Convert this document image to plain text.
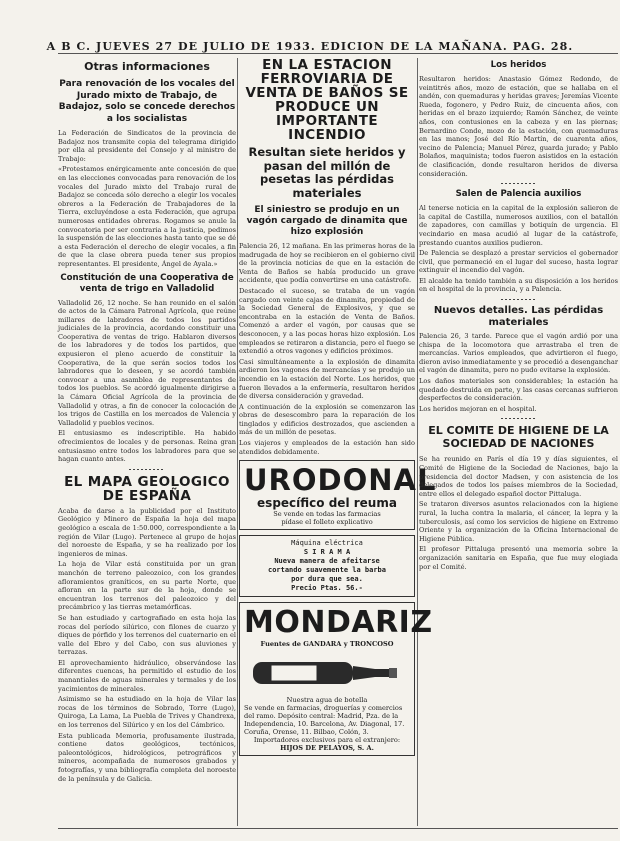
A B C. JUEVES 27 DE JULIO DE 1933. EDICION DE LA MAÑANA. PAG. 28.
Otras informaciones
Para renovación de los vocales del Jurado mixto de Trabajo, de Badajoz, solo se concede derechos a los socialistas

La Federación de Sindicatos de la provincia de Badajoz nos transmite copia del telegrama dirigido por ella al presidente del Consejo y al ministro de Trabajo:

«Protestamos enérgicamente ante concesión de que en las elecciones convocadas para renovación de los vocales del Jurado mixto del Trabajo rural de Badajoz se conceda sólo derecho a elegir los vocales obreros a la Federación de Trabajadores de la Tierra, excluyéndose a esta Federación, que agrupa numerosas entidades obreras. Rogamos se anule la convocatoria por ser contraria a la justicia, pedimos la suspensión de las elecciones hasta tanto que se dé a esta Federación el derecho de elegir vocales, a fin de que la clase obrera pueda tener sus propios representantes. El presidente, Ángel de Ayala.»

Constitución de una Cooperativa de venta de trigo en Valladolid

Valladolid 26, 12 noche. Se han reunido en el salón de actos de la Cámara Patronal Agrícola, que reúne millares de labradores de todos los partidos judiciales de la provincia, acordando constituir una Cooperativa de ventas de trigo. Hablaron diversos de los labradores y de todos los partidos, que expusieron el pleno acuerdo de constituir la Cooperativa, de la que serán socios todos los labradores que lo deseen, y se acordó también convocar a una asamblea de representantes de todos los pueblos. Se acordó igualmente dirigirse a la Cámara Oficial Agrícola de la provincia de Valladolid y otras, a fin de conocer la colocación de los trigos de Castilla en los mercados de Valencia y Valladolid y pueblos vecinos.

El entusiasmo es indescriptible. Ha habido ofrecimientos de locales y de personas. Reina gran entusiasmo entre todos los labradores para que se hagan cuanto antes.

EL MAPA GEOLOGICO DE ESPAÑA

Acaba de darse a la publicidad por el Instituto Geológico y Minero de España la hoja del mapa geológico a escala de 1:50.000, correspondiente a la región de Vilar (Lugo). Pertenece al grupo de hojas del noroeste de España, y se ha realizado por los ingenieros de minas.

La hoja de Vilar está constituida por un gran manchón de terreno paleozoico, con los grandes afloramientos graníticos, en su parte Norte, que afloran en la parte sur de la hoja, donde se encuentran los terrenos del paleozoico y del precámbrico y las tierras metamórficas.

Se han estudiado y cartografiado en esta hoja las rocas del período silúrico, con filones de cuarzo y diques de pórfido y los terrenos del cuaternario en el valle del Ebro y del Cabo, con sus aluviones y terrazas.

El aprovechamiento hidráulico, observándose las diferentes cuencas, ha permitido el estudio de los manantiales de aguas minerales y termales y de los yacimientos de minerales.

Asimismo se ha estudiado en la hoja de Vilar las rocas de los términos de Sobrado, Torre (Lugo), Quiroga, La Lama, La Puebla de Trives y Chandrexa, en los terrenos del Silúrico y en los del Cámbrico.

Esta publicada Memoria, profusamente ilustrada, contiene datos geológicos, tectónicos, paleontológicos, hidrológicos, petrográficos y mineros, acompañada de numerosos grabados y fotografías, y una bibliografía completa del noroeste de la península y de Galicia.

EN LA ESTACION FERROVIARIA DE VENTA DE BAÑOS SE PRODUCE UN IMPORTANTE INCENDIO
Resultan siete heridos y pasan del millón de pesetas las pérdidas materiales
El siniestro se produjo en un vagón cargado de dinamita que hizo explosión

Palencia 26, 12 mañana. En las primeras horas de la madrugada de hoy se recibieron en el gobierno civil de la provincia noticias de que en la estación de Venta de Baños se había producido un grave accidente, que podía convertirse en una catástrofe.

Destacado el suceso, se trataba de un vagón cargado con veinte cajas de dinamita, propiedad de la Sociedad General de Explosivos, y que se encontraba en la estación de Venta de Baños. Comenzó a arder el vagón, por causas que se desconocen, y a las pocas horas hizo explosión. Los empleados se retiraron a distancia, pero el fuego se extendió a otros vagones y edificios próximos.

Casi simultáneamente a la explosión de dinamita ardieron los vagones de mercancías y se produjo un incendio en la estación del Norte. Los heridos, que fueron llevados a la enfermería, resultaron heridos de diversa consideración y gravedad.

A continuación de la explosión se comenzaron las obras de desescombro para la reparación de los tinglados y edificios destrozados, que ascienden a más de un millón de pesetas.

Los viajeros y empleados de la estación han sido atendidos debidamente.

URODONAL
específico del reuma
Se vende en todas las farmacias
pídase el folleto explicativo
Máquina eléctrica
S I R A M A
Nueva manera de afeitarse
cortando suavemente la barba
por dura que sea.
Precio Ptas. 56.-
MONDARIZ
Fuentes de GANDARA y TRONCOSO
Nuestra agua de botella
Se vende en farmacias, droguerías y comercios del ramo. Depósito central: Madrid, Pza. de la Independencia, 10. Barcelona, Av. Diagonal, 17. Coruña, Orense, 11. Bilbao, Colón, 3.
Importadores exclusivos para el extranjero:
HIJOS DE PELAYOS, S. A.
Los heridos

Resultaron heridos: Anastasio Gómez Redondo, de veintitrés años, mozo de estación, que se hallaba en el andén, con quemaduras y heridas graves; Jeremías Vicente Rueda, fogonero, y Pedro Ruiz, de cincuenta años, con heridas en el brazo izquierdo; Ramón Sánchez, de veinte años, con contusiones en la cabeza y en las piernas; Bernardino Conde, mozo de la estación, con quemaduras en las manos; José del Río Martín, de cuarenta años, vecino de Palencia; Manuel Pérez, guarda jurado; y Pablo Bolaños, maquinista; todos fueron asistidos en la estación de clasificación, donde resultaron heridos de diversa consideración.

Salen de Palencia auxilios

Al tenerse noticia en la capital de la explosión salieron de la capital de Castilla, numerosos auxilios, con el batallón de zapadores, con camillas y botiquín de urgencia. El vecindario en masa acudió al lugar de la catástrofe, prestando cuantos auxilios pudieron.

De Palencia se desplazó a prestar servicios el gobernador civil, que permaneció en el lugar del suceso, hasta lograr extinguir el incendio del vagón.

El alcalde ha tenido también a su disposición a los heridos en el hospital de la provincia, y a Palencia.

Nuevos detalles. Las pérdidas materiales

Palencia 26, 3 tarde. Parece que el vagón ardió por una chispa de la locomotora que arrastraba el tren de mercancías. Varios empleados, que advirtieron el fuego, dieron aviso inmediatamente y se procedió a desenganchar el vagón de dinamita, pero no pudo evitarse la explosión.

Los daños materiales son considerables; la estación ha quedado destruida en parte, y las casas cercanas sufrieron desperfectos de consideración.

Los heridos mejoran en el hospital.

EL COMITE DE HIGIENE DE LA SOCIEDAD DE NACIONES

Se ha reunido en París el día 19 y días siguientes, el Comité de Higiene de la Sociedad de Naciones, bajo la presidencia del doctor Madsen, y con asistencia de los delegados de todos los países miembros de la Sociedad, entre ellos el delegado español doctor Pittaluga.

Se trataron diversos asuntos relacionados con la higiene rural, la lucha contra la malaria, el cáncer, la lepra y la tuberculosis, así como los servicios de higiene en Extremo Oriente y la organización de la Oficina Internacional de Higiene Pública.

El profesor Pittaluga presentó una memoria sobre la organización sanitaria en España, que fue muy elogiada por el Comité.
